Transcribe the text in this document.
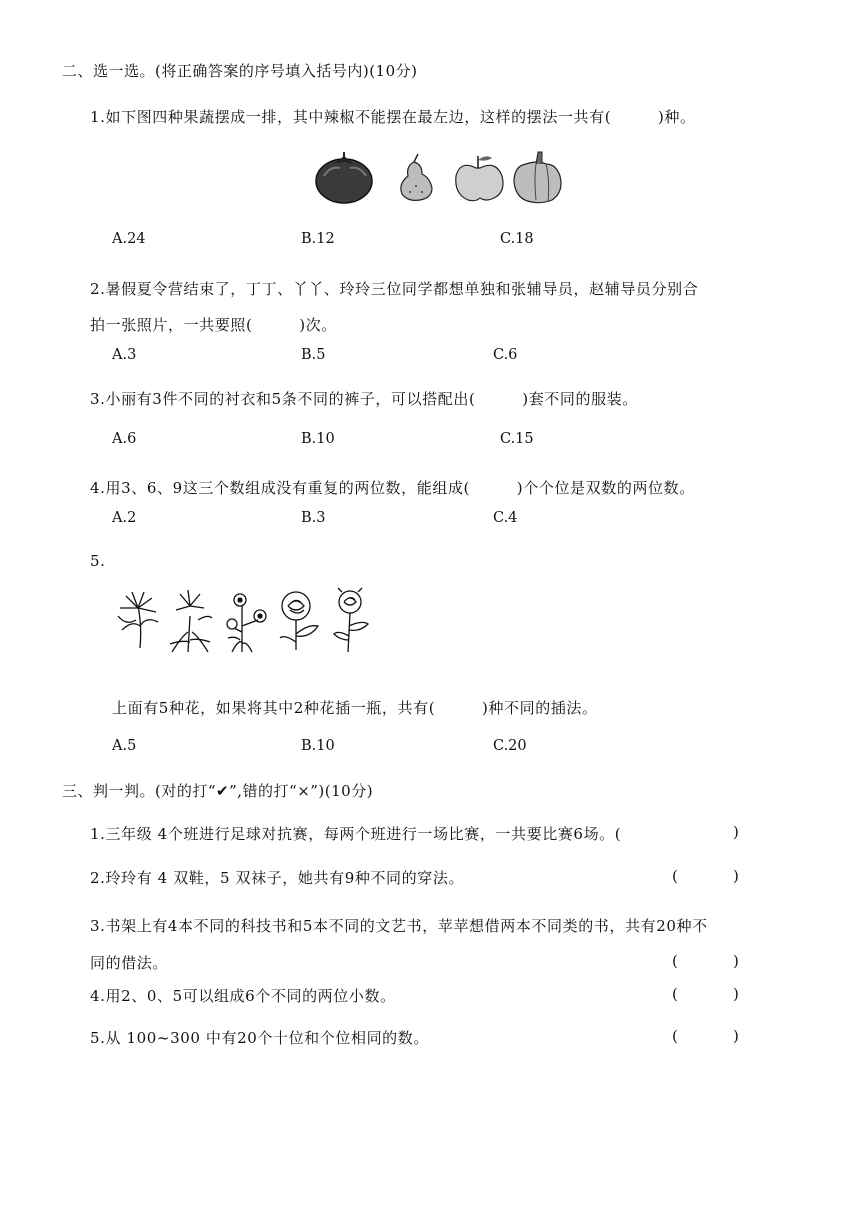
二、选一选。(将正确答案的序号填入括号内)(10分)
1.如下图四种果蔬摆成一排，其中辣椒不能摆在最左边，这样的摆法一共有(　　　)种。
A.24	B.12	C.18
2.暑假夏令营结束了，丁丁、丫丫、玲玲三位同学都想单独和张辅导员，赵辅导员分别合
拍一张照片，一共要照(　　　)次。
A.3	B.5	C.6
3.小丽有3件不同的衬衣和5条不同的裤子，可以搭配出(　　　)套不同的服装。
A.6	B.10	C.15
4.用3、6、9这三个数组成没有重复的两位数，能组成(　　　)个个位是双数的两位数。
A.2	B.3	C.4
5.
上面有5种花，如果将其中2种花插一瓶，共有(　　　)种不同的插法。
A.5	B.10	C.20
三、判一判。(对的打“✔”,错的打“×”)(10分)
1.三年级 4个班进行足球对抗赛，每两个班进行一场比赛，一共要比赛6场。(	)
2.玲玲有 4 双鞋，5 双袜子，她共有9种不同的穿法。	(	)
3.书架上有4本不同的科技书和5本不同的文艺书，苹苹想借两本不同类的书，共有20种不
同的借法。	(	)
4.用2、0、5可以组成6个不同的两位小数。	(	)
5.从 100~300 中有20个十位和个位相同的数。	(	)
